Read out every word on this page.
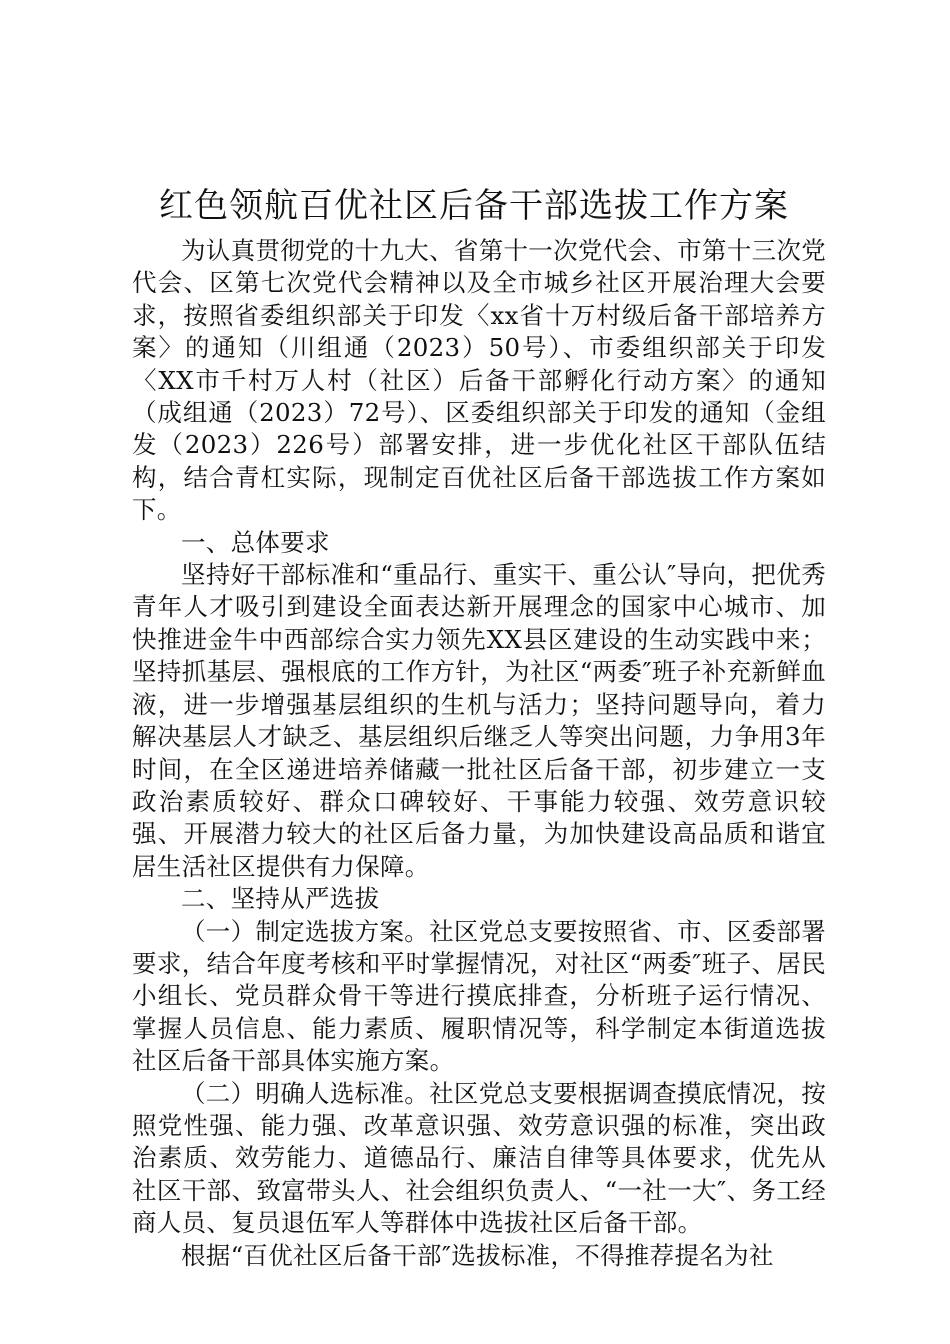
红色领航百优社区后备干部选拔工作方案

为认真贯彻党的十九大、省第十一次党代会、市第十三次党代会、区第七次党代会精神以及全市城乡社区开展治理大会要求，按照省委组织部关于印发〈xx省十万村级后备干部培养方案〉的通知（川组通（2023）50号）、市委组织部关于印发〈XX市千村万人村（社区）后备干部孵化行动方案〉的通知（成组通（2023）72号）、区委组织部关于印发的通知（金组发（2023）226号）部署安排，进一步优化社区干部队伍结构，结合青杠实际，现制定百优社区后备干部选拔工作方案如下。

一、总体要求

坚持好干部标准和“重品行、重实干、重公认″导向，把优秀青年人才吸引到建设全面表达新开展理念的国家中心城市、加快推进金牛中西部综合实力领先XX县区建设的生动实践中来；坚持抓基层、强根底的工作方针，为社区“两委″班子补充新鲜血液，进一步增强基层组织的生机与活力；坚持问题导向，着力解决基层人才缺乏、基层组织后继乏人等突出问题，力争用3年时间，在全区递进培养储藏一批社区后备干部，初步建立一支政治素质较好、群众口碑较好、干事能力较强、效劳意识较强、开展潜力较大的社区后备力量，为加快建设高品质和谐宜居生活社区提供有力保障。

二、坚持从严选拔

（一）制定选拔方案。社区党总支要按照省、市、区委部署要求，结合年度考核和平时掌握情况，对社区“两委″班子、居民小组长、党员群众骨干等进行摸底排查，分析班子运行情况、掌握人员信息、能力素质、履职情况等，科学制定本街道选拔社区后备干部具体实施方案。

（二）明确人选标准。社区党总支要根据调查摸底情况，按照党性强、能力强、改革意识强、效劳意识强的标准，突出政治素质、效劳能力、道德品行、廉洁自律等具体要求，优先从社区干部、致富带头人、社会组织负责人、“一社一大″、务工经商人员、复员退伍军人等群体中选拔社区后备干部。

根据“百优社区后备干部″选拔标准，不得推荐提名为社
